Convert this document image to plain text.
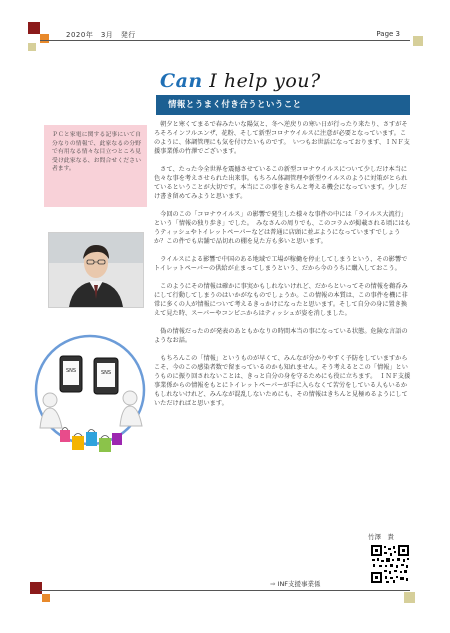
2020年　3月　発行	Page 3
Can I help you?
情報とうまく付き合うということ
ＰＣと家電に関する記事にいて自分なりの情報で、此家なるの分野で有用なる情々な目立つところ見受け此家なる、お問合せください者ます。
SNS	SNS

　朝夕と寒くてまるで春みたいな陽気と、冬へ逆戻りの寒い日が行ったり来たり、さすがそろそろインフルエンザ、花粉、そして新型コロナウイルスに注意が必要となっています。このように、体調管理にも気を付けたいものです。　いつもお世話になっております、ＩＮＦ支援事業係の竹澤でございます。

　さて、たった今全世界を震撼させているこの新型コロナウイルスについて少しだけ本当に色々な事を考えさせられた出来事。もちろん体調管理や新型ウイルスのように対策がとられているということが大切です。本当にこの事をきちんと考える機会になっています。少しだけ書き留めてみようと思います。

　今回のこの「コロナウイルス」の影響で発生した様々な事件の中には「ライルス大流行」という「情報の独り歩き」でした。　みなさんの周りでも、このコラムが掲載される頃にはもうティッシュやトイレットペーパーなどは普通に店頭に並ぶようになっていますでしょうか？この件でも店舗で品切れの棚を見た方も多いと思います。

　ライルスによる影響で中国のある地域で工場が稼働を停止してしまうという、その影響でトイレットペーパーの供給が止まってしまうという、だから今のうちに購入しておこう。

　このようにその情報は確かに事実かもしれないけれど、だからといってその情報を鵜呑みにして行動してしまうのはいかがなものでしょうか。この情報の本質は、この事件を機に非常に多くの人が情報について考えるきっかけになったと思います。そして自分の身に置き換えて見た時、スーパーやコンビニからはティッシュが姿を消しました。

　偽の情報だったのが発表のあともかなりの時間本当の事になっている状態。危険な言語のようなお話。

　もちろんこの「情報」というものが早くて、みんなが分かりやすく予防をしていますからこそ、今のこの感染者数で留まっているのかも知れません。そう考えるとこの「情報」というものに振り回されないことは、きっと自分の身を守るためにも役に立ちます。　ＩＮＦ支援事業係からの情報をもとにトイレットペーパーが手に入らなくて苦労をしている人もいるかもしれないけれど、みんなが混乱しないためにも、その情報はきちんと見極めるようにしていただければと思います。

竹澤　貴
⇒ INF支援事業係
